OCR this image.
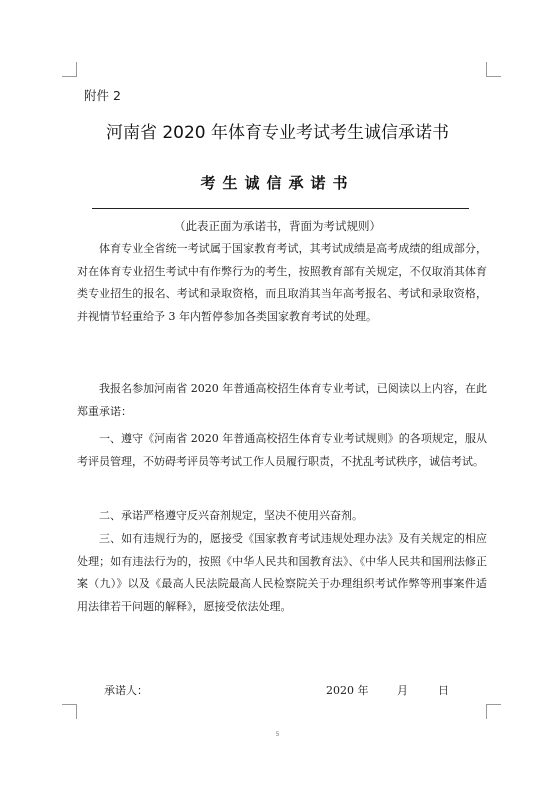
附件 2
河南省 2020 年体育专业考试考生诚信承诺书
考生诚信承诺书
（此表正面为承诺书，背面为考试规则）
体育专业全省统一考试属于国家教育考试，其考试成绩是高考成绩的组成部分，对在体育专业招生考试中有作弊行为的考生，按照教育部有关规定，不仅取消其体育类专业招生的报名、考试和录取资格，而且取消其当年高考报名、考试和录取资格，并视情节轻重给予 3 年内暂停参加各类国家教育考试的处理。
我报名参加河南省 2020 年普通高校招生体育专业考试，已阅读以上内容，在此郑重承诺：
一、遵守《河南省 2020 年普通高校招生体育专业考试规则》的各项规定，服从考评员管理，不妨碍考评员等考试工作人员履行职责，不扰乱考试秩序，诚信考试。
二、承诺严格遵守反兴奋剂规定，坚决不使用兴奋剂。
三、如有违规行为的，愿接受《国家教育考试违规处理办法》及有关规定的相应处理；如有违法行为的，按照《中华人民共和国教育法》、《中华人民共和国刑法修正案（九）》以及《最高人民法院最高人民检察院关于办理组织考试作弊等刑事案件适用法律若干问题的解释》，愿接受依法处理。
承诺人：	2020 年	月	日
5
